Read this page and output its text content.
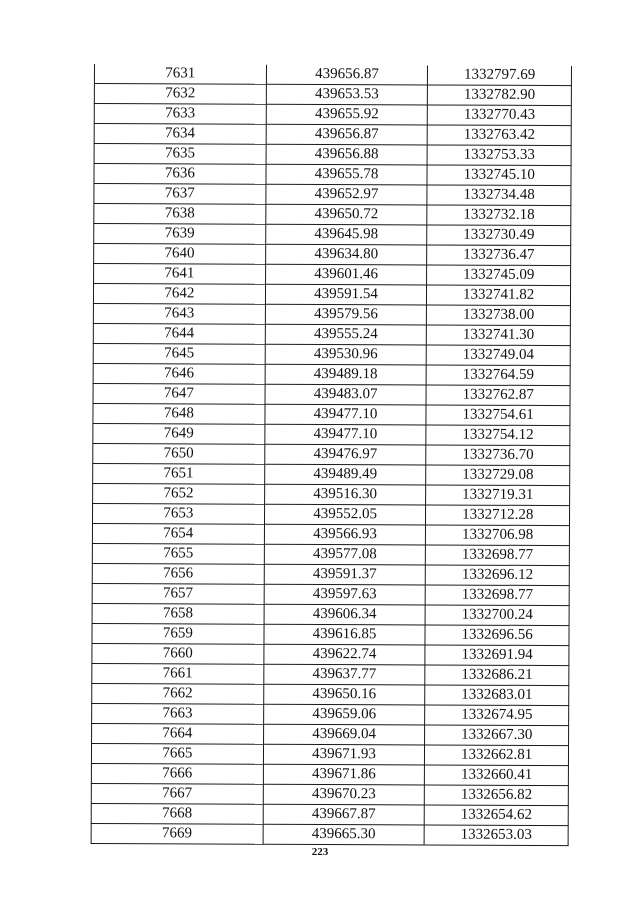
7631	439656.87	1332797.69
7632	439653.53	1332782.90
7633	439655.92	1332770.43
7634	439656.87	1332763.42
7635	439656.88	1332753.33
7636	439655.78	1332745.10
7637	439652.97	1332734.48
7638	439650.72	1332732.18
7639	439645.98	1332730.49
7640	439634.80	1332736.47
7641	439601.46	1332745.09
7642	439591.54	1332741.82
7643	439579.56	1332738.00
7644	439555.24	1332741.30
7645	439530.96	1332749.04
7646	439489.18	1332764.59
7647	439483.07	1332762.87
7648	439477.10	1332754.61
7649	439477.10	1332754.12
7650	439476.97	1332736.70
7651	439489.49	1332729.08
7652	439516.30	1332719.31
7653	439552.05	1332712.28
7654	439566.93	1332706.98
7655	439577.08	1332698.77
7656	439591.37	1332696.12
7657	439597.63	1332698.77
7658	439606.34	1332700.24
7659	439616.85	1332696.56
7660	439622.74	1332691.94
7661	439637.77	1332686.21
7662	439650.16	1332683.01
7663	439659.06	1332674.95
7664	439669.04	1332667.30
7665	439671.93	1332662.81
7666	439671.86	1332660.41
7667	439670.23	1332656.82
7668	439667.87	1332654.62
7669	439665.30	1332653.03
223
